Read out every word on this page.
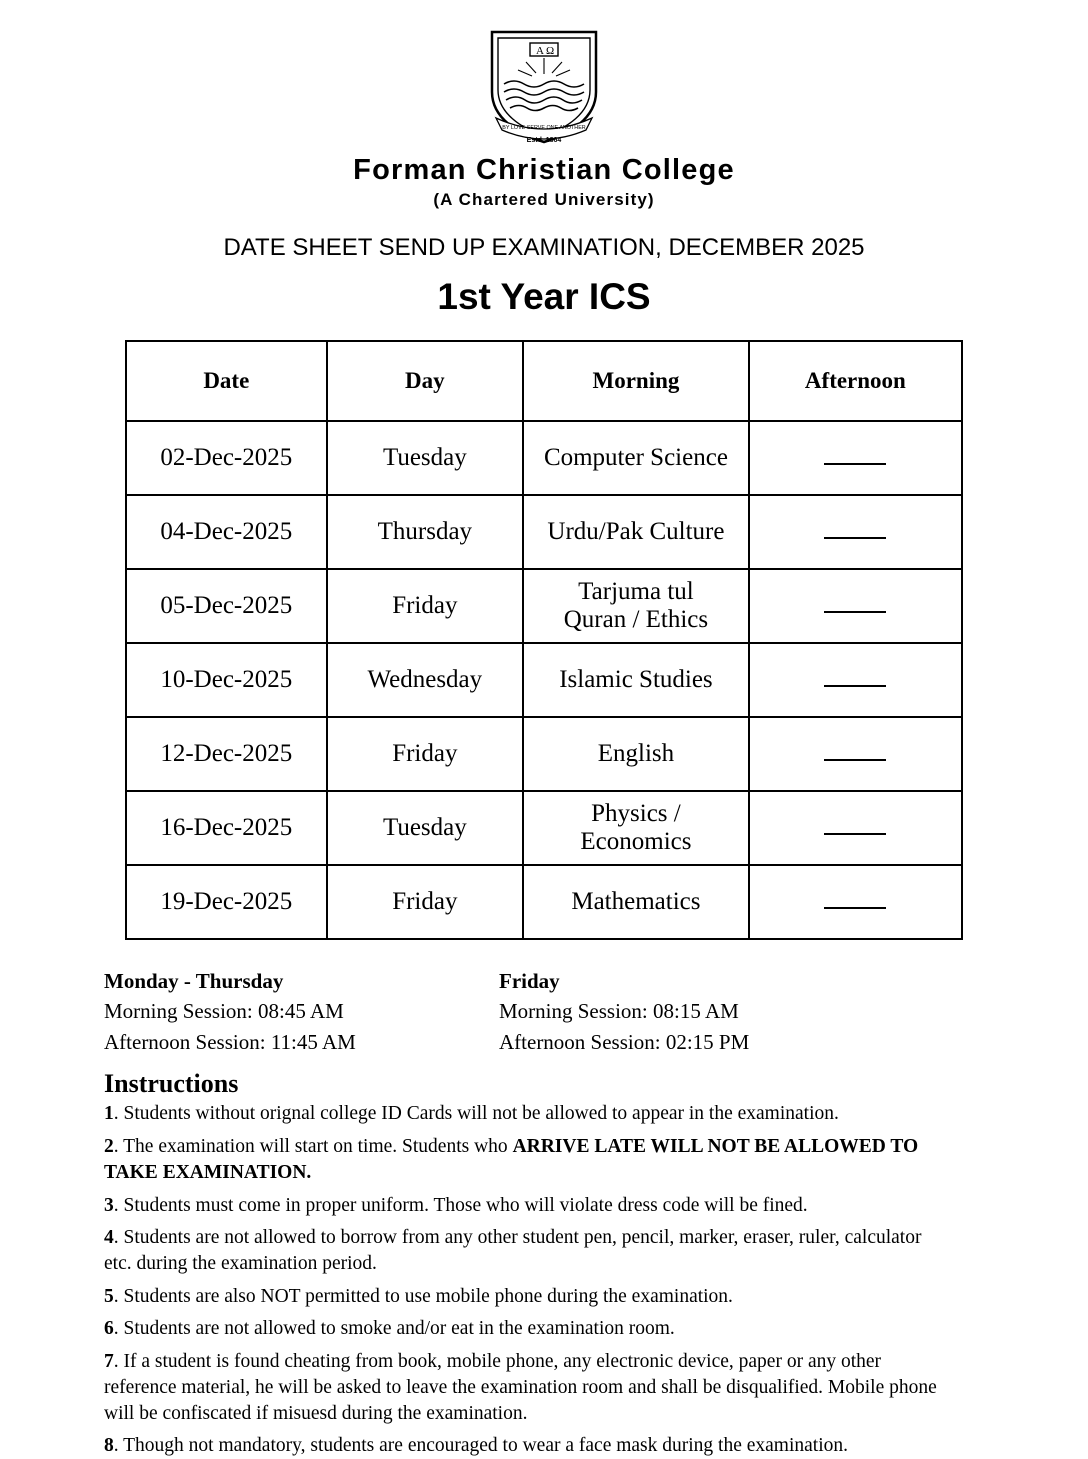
A Ω
BY LOVE SERVE ONE ANOTHER
Estd. 1864
Forman Christian College
(A Chartered University)
DATE SHEET SEND UP EXAMINATION, DECEMBER 2025
1st Year ICS
Date	Day	Morning	Afternoon
02-Dec-2025	Tuesday	Computer Science	
04-Dec-2025	Thursday	Urdu/Pak Culture	
05-Dec-2025	Friday	Tarjuma tul
Quran / Ethics	
10-Dec-2025	Wednesday	Islamic Studies	
12-Dec-2025	Friday	English	
16-Dec-2025	Tuesday	Physics /
Economics	
19-Dec-2025	Friday	Mathematics	
Monday - Thursday
Morning Session: 08:45 AM
Afternoon Session: 11:45 AM
Friday
Morning Session: 08:15 AM
Afternoon Session: 02:15 PM
Instructions

1. Students without orignal college ID Cards will not be allowed to appear in the examination.

2. The examination will start on time. Students who ARRIVE LATE WILL NOT BE ALLOWED TO TAKE EXAMINATION.

3. Students must come in proper uniform. Those who will violate dress code will be fined.

4. Students are not allowed to borrow from any other student pen, pencil, marker, eraser, ruler, calculator etc. during the examination period.

5. Students are also NOT permitted to use mobile phone during the examination.

6. Students are not allowed to smoke and/or eat in the examination room.

7. If a student is found cheating from book, mobile phone, any electronic device, paper or any other reference material, he will be asked to leave the examination room and shall be disqualified. Mobile phone will be confiscated if misuesd during the examination.

8. Though not mandatory, students are encouraged to wear a face mask during the examination.
